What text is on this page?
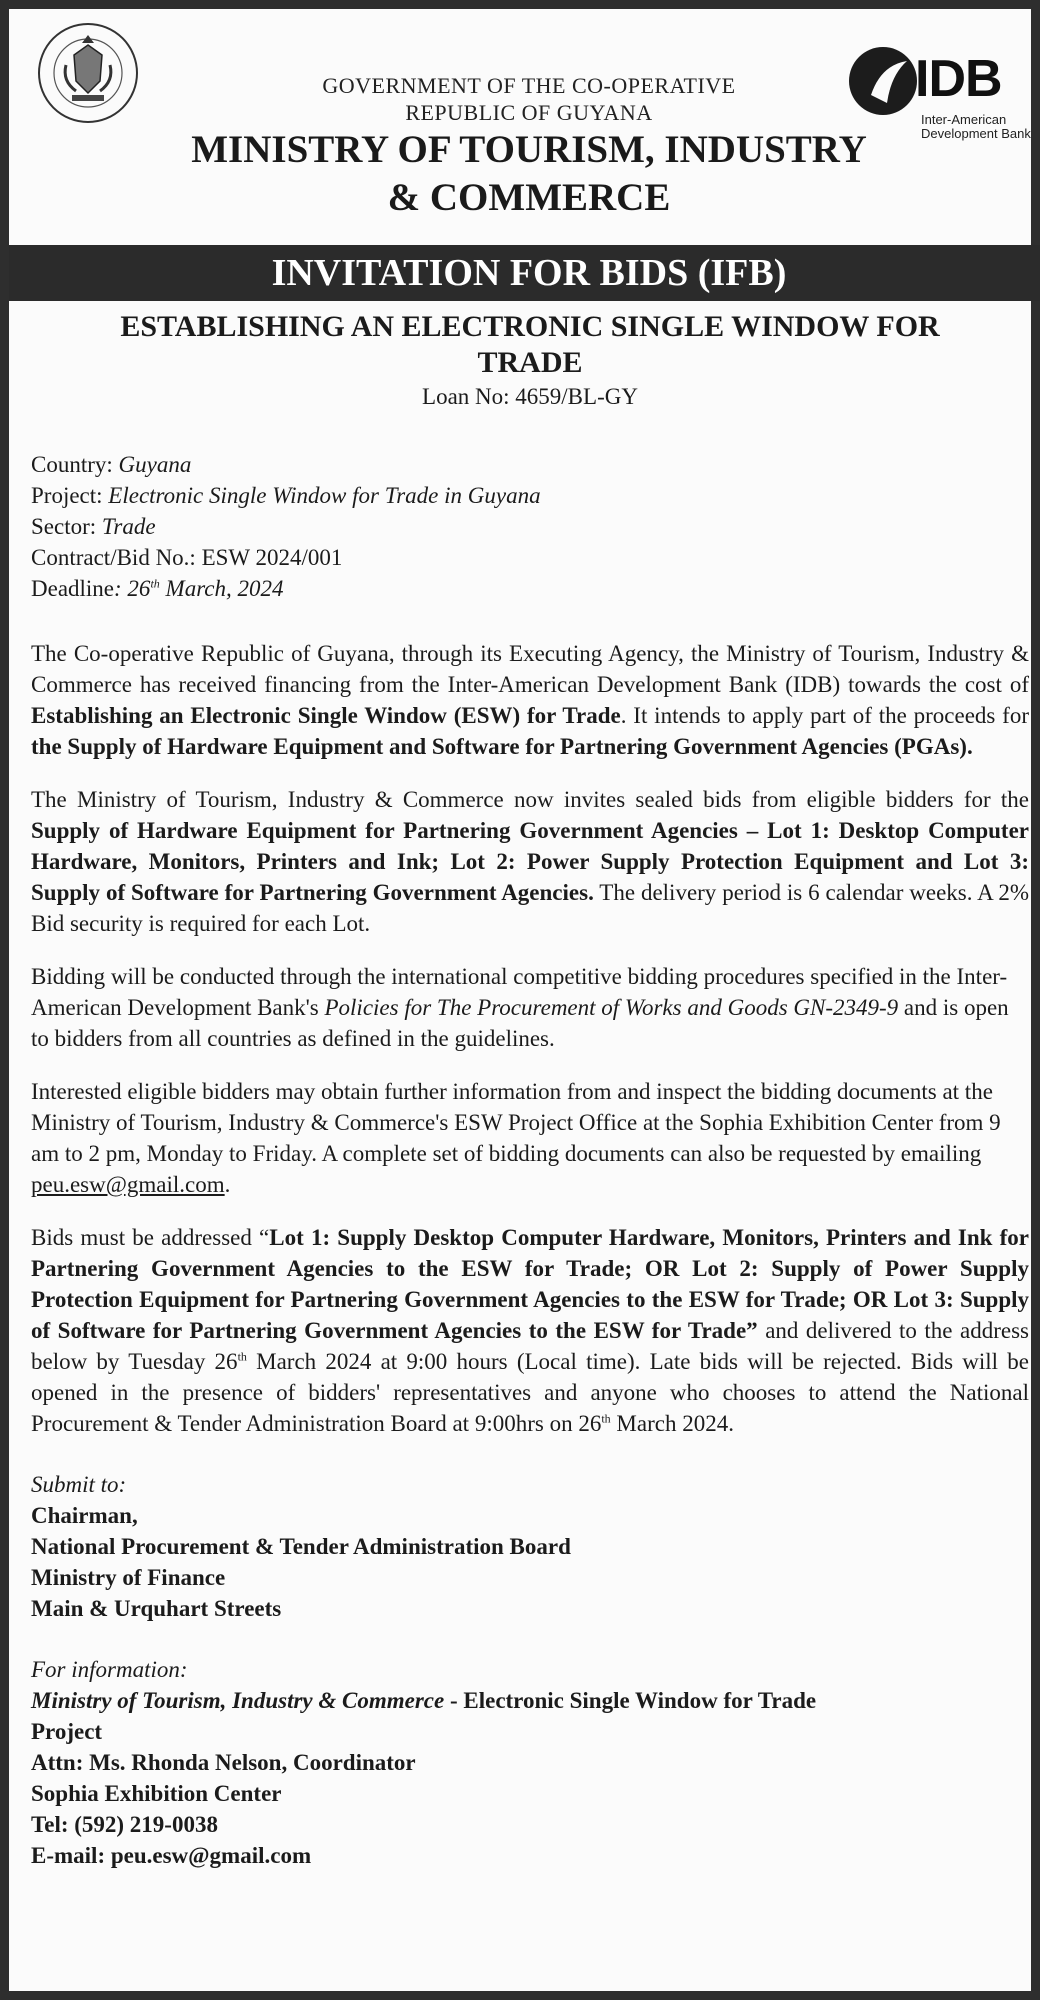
GOVERNMENT OF THE CO-OPERATIVE
REPUBLIC OF GUYANA
MINISTRY OF TOURISM, INDUSTRY
& COMMERCE
IDB
Inter-American
Development Bank
INVITATION FOR BIDS (IFB)
ESTABLISHING AN ELECTRONIC SINGLE WINDOW FOR
TRADE
Loan No: 4659/BL-GY
Country: Guyana
Project: Electronic Single Window for Trade in Guyana
Sector: Trade
Contract/Bid No.: ESW 2024/001
Deadline: 26th March, 2024

The Co-operative Republic of Guyana, through its Executing Agency, the Ministry of Tourism, Industry & Commerce has received financing from the Inter-American Development Bank (IDB) towards the cost of Establishing an Electronic Single Window (ESW) for Trade. It intends to apply part of the proceeds for the Supply of Hardware Equipment and Software for Partnering Government Agencies (PGAs).

The Ministry of Tourism, Industry & Commerce now invites sealed bids from eligible bidders for the Supply of Hardware Equipment for Partnering Government Agencies – Lot 1: Desktop Computer Hardware, Monitors, Printers and Ink; Lot 2: Power Supply Protection Equipment and Lot 3: Supply of Software for Partnering Government Agencies. The delivery period is 6 calendar weeks. A 2% Bid security is required for each Lot.

Bidding will be conducted through the international competitive bidding procedures specified in the Inter-American Development Bank's Policies for The Procurement of Works and Goods GN-2349-9 and is open to bidders from all countries as defined in the guidelines.

Interested eligible bidders may obtain further information from and inspect the bidding documents at the Ministry of Tourism, Industry & Commerce's ESW Project Office at the Sophia Exhibition Center from 9 am to 2 pm, Monday to Friday. A complete set of bidding documents can also be requested by emailing peu.esw@gmail.com.

Bids must be addressed “Lot 1: Supply Desktop Computer Hardware, Monitors, Printers and Ink for Partnering Government Agencies to the ESW for Trade; OR Lot 2: Supply of Power Supply Protection Equipment for Partnering Government Agencies to the ESW for Trade; OR Lot 3: Supply of Software for Partnering Government Agencies to the ESW for Trade” and delivered to the address below by Tuesday 26th March 2024 at 9:00 hours (Local time). Late bids will be rejected. Bids will be opened in the presence of bidders' representatives and anyone who chooses to attend the National Procurement & Tender Administration Board at 9:00hrs on 26th March 2024.

Submit to:
Chairman,
National Procurement & Tender Administration Board
Ministry of Finance
Main & Urquhart Streets
For information:
Ministry of Tourism, Industry & Commerce - Electronic Single Window for Trade
Project
Attn: Ms. Rhonda Nelson, Coordinator
Sophia Exhibition Center
Tel: (592) 219-0038
E-mail: peu.esw@gmail.com
